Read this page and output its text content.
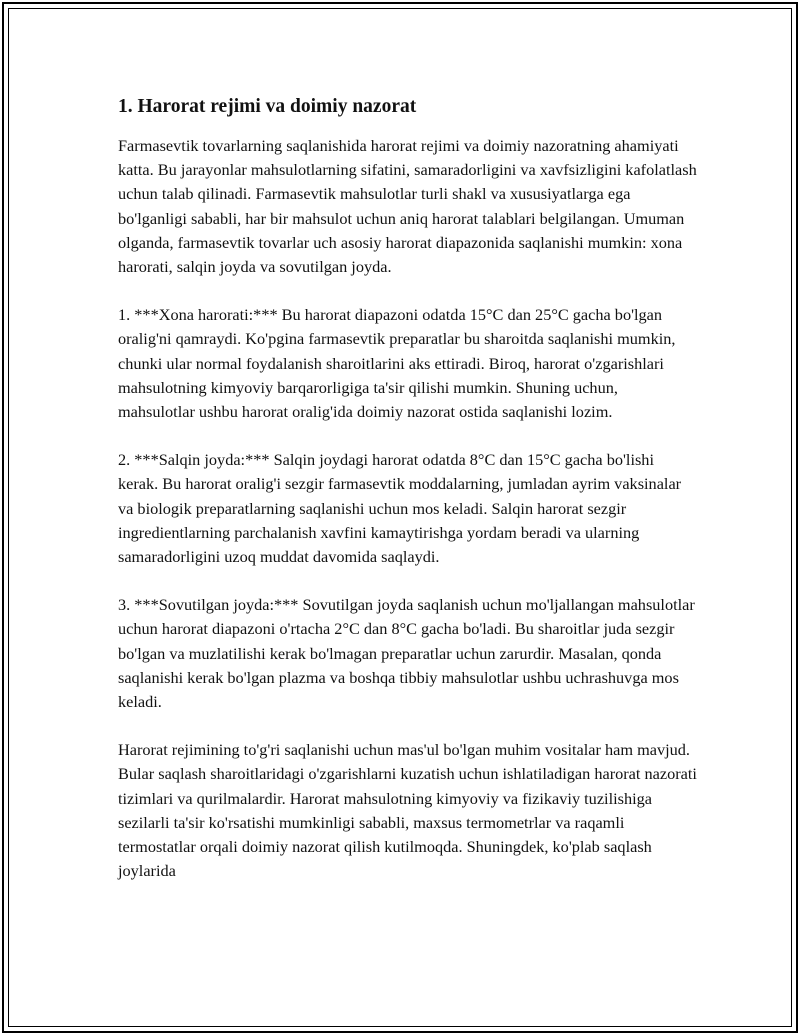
1. Harorat rejimi va doimiy nazorat

Farmasevtik tovarlarning saqlanishida harorat rejimi va doimiy nazoratning ahamiyati katta. Bu jarayonlar mahsulotlarning sifatini, samaradorligini va xavfsizligini kafolatlash uchun talab qilinadi. Farmasevtik mahsulotlar turli shakl va xususiyatlarga ega bo'lganligi sababli, har bir mahsulot uchun aniq harorat talablari belgilangan. Umuman olganda, farmasevtik tovarlar uch asosiy harorat diapazonida saqlanishi mumkin: xona harorati, salqin joyda va sovutilgan joyda.

1. ***Xona harorati:*** Bu harorat diapazoni odatda 15°C dan 25°C gacha bo'lgan oralig'ni qamraydi. Ko'pgina farmasevtik preparatlar bu sharoitda saqlanishi mumkin, chunki ular normal foydalanish sharoitlarini aks ettiradi. Biroq, harorat o'zgarishlari mahsulotning kimyoviy barqarorligiga ta'sir qilishi mumkin. Shuning uchun, mahsulotlar ushbu harorat oralig'ida doimiy nazorat ostida saqlanishi lozim.

2. ***Salqin joyda:*** Salqin joydagi harorat odatda 8°C dan 15°C gacha bo'lishi kerak. Bu harorat oralig'i sezgir farmasevtik moddalarning, jumladan ayrim vaksinalar va biologik preparatlarning saqlanishi uchun mos keladi. Salqin harorat sezgir ingredientlarning parchalanish xavfini kamaytirishga yordam beradi va ularning samaradorligini uzoq muddat davomida saqlaydi.

3. ***Sovutilgan joyda:*** Sovutilgan joyda saqlanish uchun mo'ljallangan mahsulotlar uchun harorat diapazoni o'rtacha 2°C dan 8°C gacha bo'ladi. Bu sharoitlar juda sezgir bo'lgan va muzlatilishi kerak bo'lmagan preparatlar uchun zarurdir. Masalan, qonda saqlanishi kerak bo'lgan plazma va boshqa tibbiy mahsulotlar ushbu uchrashuvga mos keladi.

Harorat rejimining to'g'ri saqlanishi uchun mas'ul bo'lgan muhim vositalar ham mavjud. Bular saqlash sharoitlaridagi o'zgarishlarni kuzatish uchun ishlatiladigan harorat nazorati tizimlari va qurilmalardir. Harorat mahsulotning kimyoviy va fizikaviy tuzilishiga sezilarli ta'sir ko'rsatishi mumkinligi sababli, maxsus termometrlar va raqamli termostatlar orqali doimiy nazorat qilish kutilmoqda. Shuningdek, ko'plab saqlash joylarida
